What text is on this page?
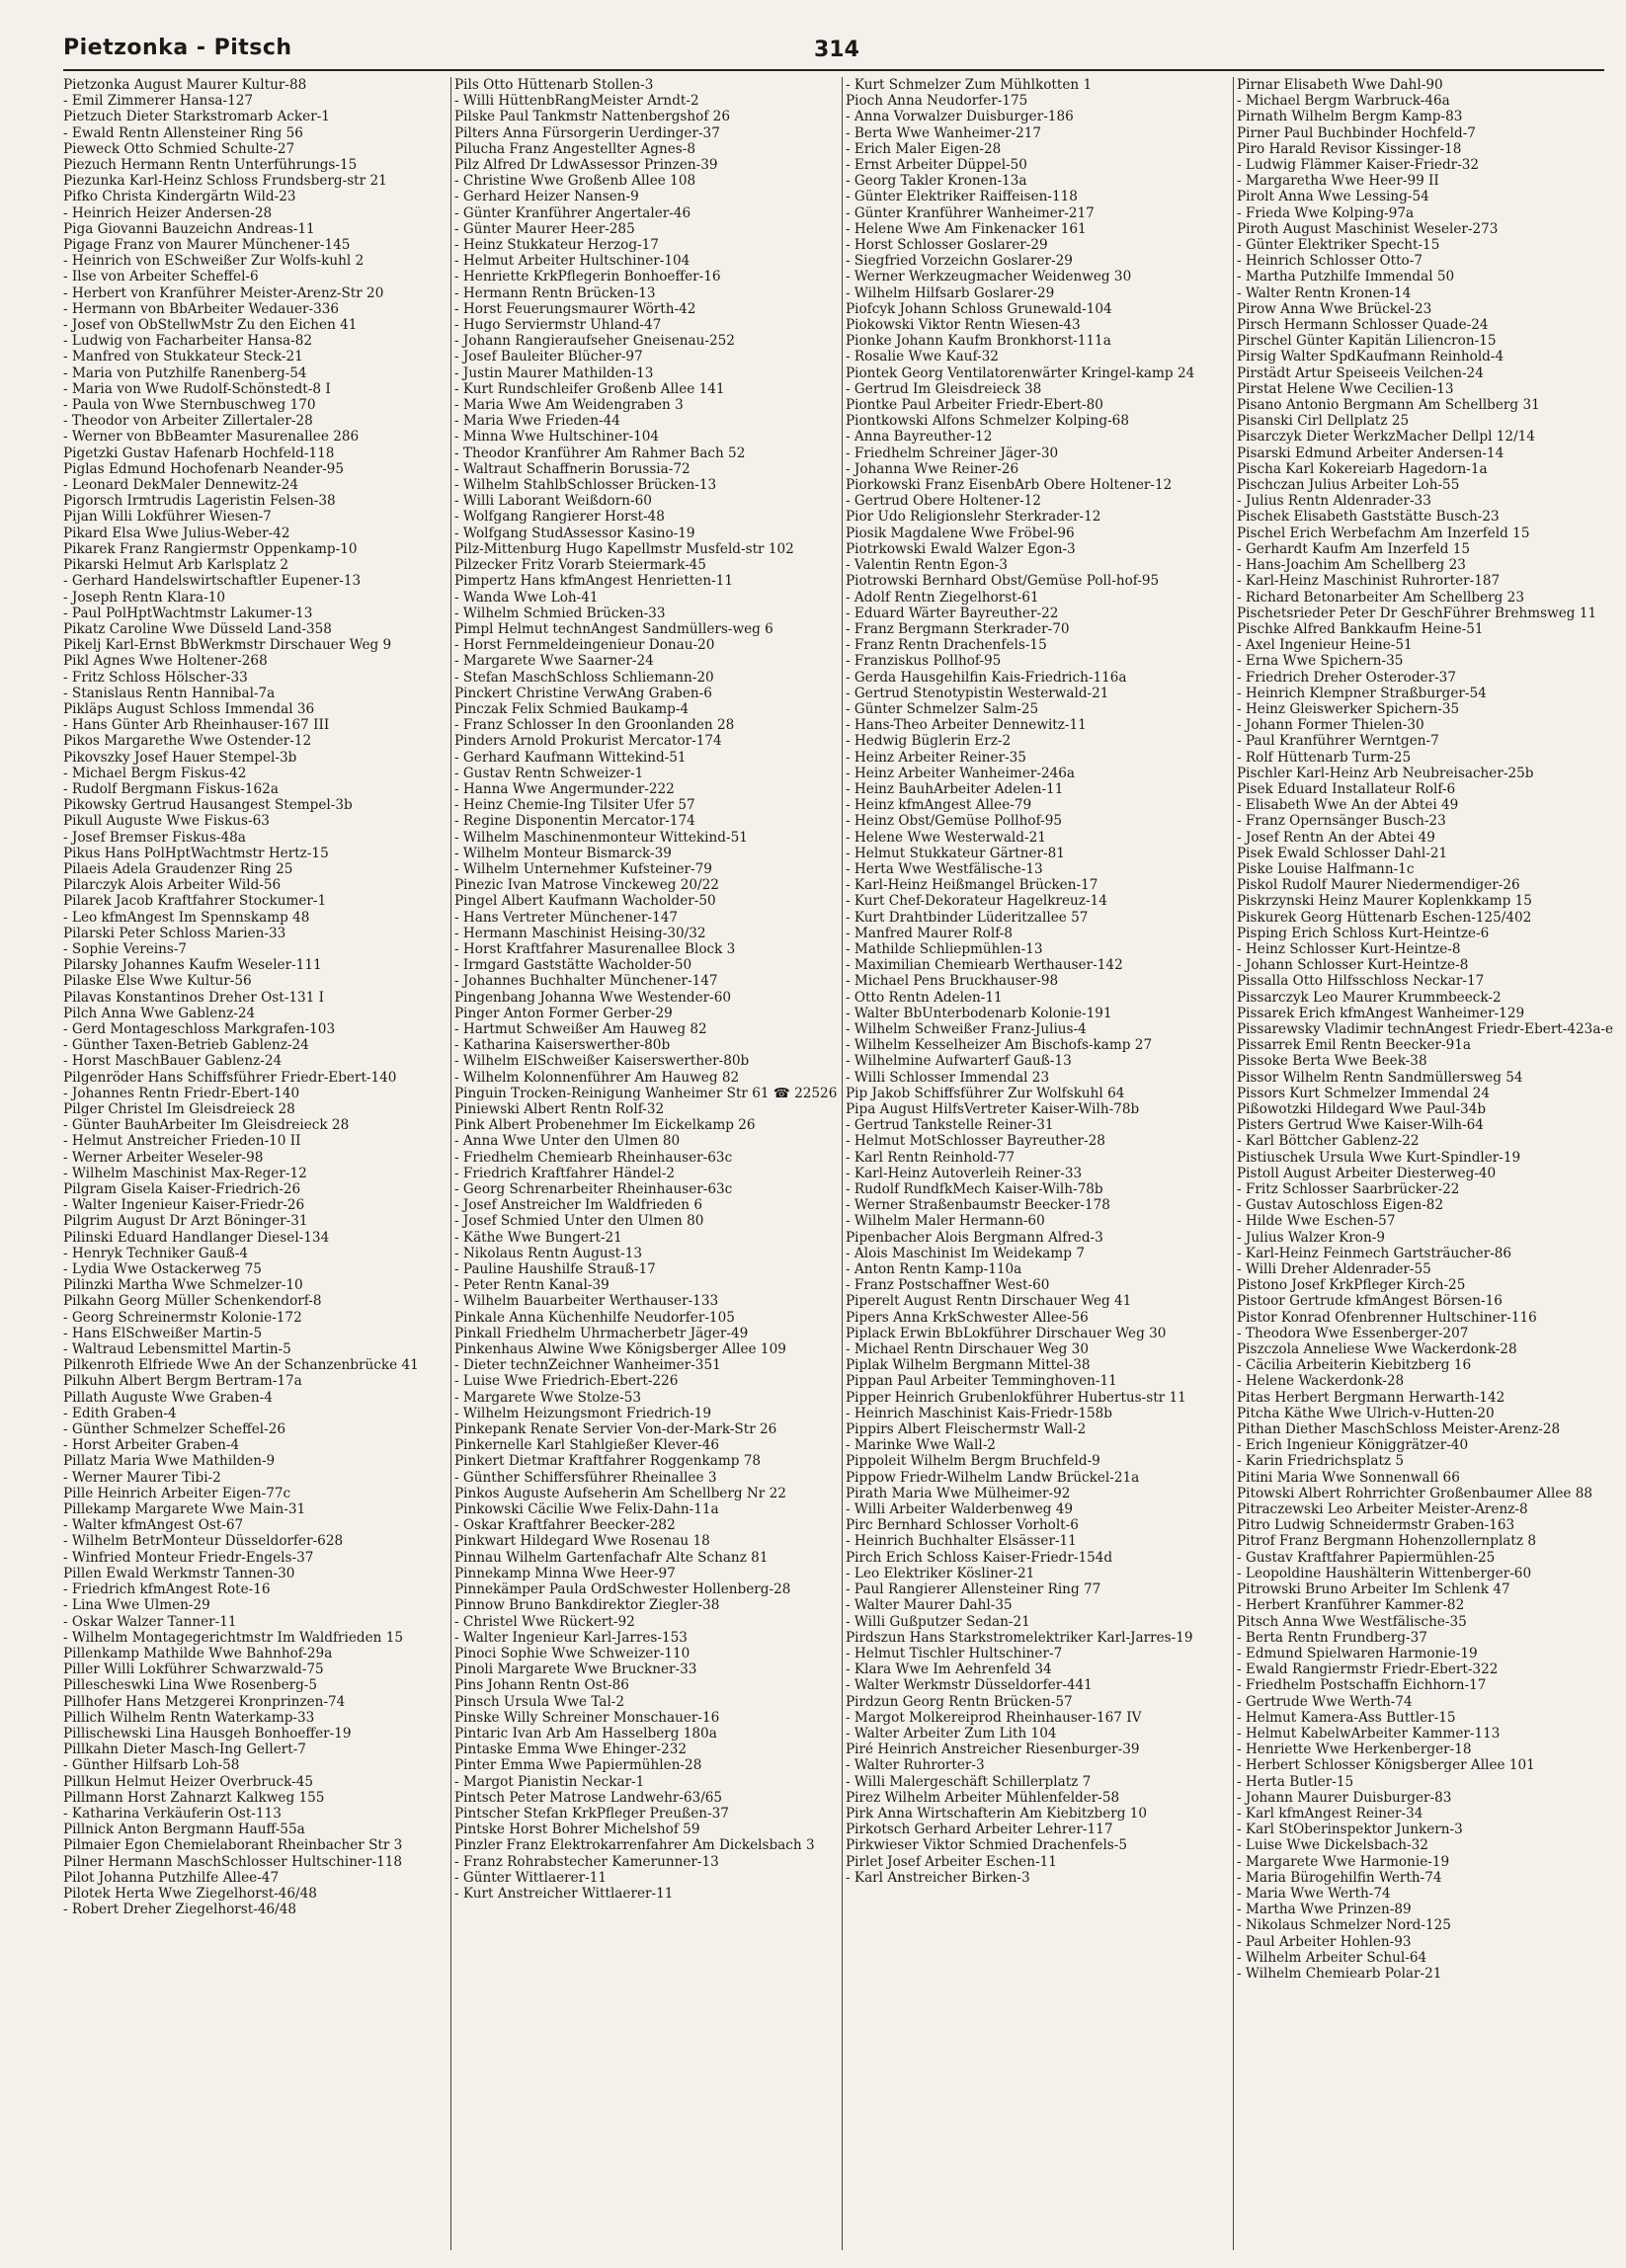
Pietzonka - Pitsch	314

Pietzonka August Maurer Kultur-88

- Emil Zimmerer Hansa-127

Pietzuch Dieter Starkstromarb Acker-1

- Ewald Rentn Allensteiner Ring 56

Pieweck Otto Schmied Schulte-27

Piezuch Hermann Rentn Unterführungs-15

Piezunka Karl-Heinz Schloss Frundsberg-str 21

Pifko Christa Kindergärtn Wild-23

- Heinrich Heizer Andersen-28

Piga Giovanni Bauzeichn Andreas-11

Pigage Franz von Maurer Münchener-145

- Heinrich von ESchweißer Zur Wolfs-kuhl 2

- Ilse von Arbeiter Scheffel-6

- Herbert von Kranführer Meister-Arenz-Str 20

- Hermann von BbArbeiter Wedauer-336

- Josef von ObStellwMstr Zu den Eichen 41

- Ludwig von Facharbeiter Hansa-82

- Manfred von Stukkateur Steck-21

- Maria von Putzhilfe Ranenberg-54

- Maria von Wwe Rudolf-Schönstedt-8 I

- Paula von Wwe Sternbuschweg 170

- Theodor von Arbeiter Zillertaler-28

- Werner von BbBeamter Masurenallee 286

Pigetzki Gustav Hafenarb Hochfeld-118

Piglas Edmund Hochofenarb Neander-95

- Leonard DekMaler Dennewitz-24

Pigorsch Irmtrudis Lageristin Felsen-38

Pijan Willi Lokführer Wiesen-7

Pikard Elsa Wwe Julius-Weber-42

Pikarek Franz Rangiermstr Oppenkamp-10

Pikarski Helmut Arb Karlsplatz 2

- Gerhard Handelswirtschaftler Eupener-13

- Joseph Rentn Klara-10

- Paul PolHptWachtmstr Lakumer-13

Pikatz Caroline Wwe Düsseld Land-358

Pikelj Karl-Ernst BbWerkmstr Dirschauer Weg 9

Pikl Agnes Wwe Holtener-268

- Fritz Schloss Hölscher-33

- Stanislaus Rentn Hannibal-7a

Pikläps August Schloss Immendal 36

- Hans Günter Arb Rheinhauser-167 III

Pikos Margarethe Wwe Ostender-12

Pikovszky Josef Hauer Stempel-3b

- Michael Bergm Fiskus-42

- Rudolf Bergmann Fiskus-162a

Pikowsky Gertrud Hausangest Stempel-3b

Pikull Auguste Wwe Fiskus-63

- Josef Bremser Fiskus-48a

Pikus Hans PolHptWachtmstr Hertz-15

Pilaeis Adela Graudenzer Ring 25

Pilarczyk Alois Arbeiter Wild-56

Pilarek Jacob Kraftfahrer Stockumer-1

- Leo kfmAngest Im Spennskamp 48

Pilarski Peter Schloss Marien-33

- Sophie Vereins-7

Pilarsky Johannes Kaufm Weseler-111

Pilaske Else Wwe Kultur-56

Pilavas Konstantinos Dreher Ost-131 I

Pilch Anna Wwe Gablenz-24

- Gerd Montageschloss Markgrafen-103

- Günther Taxen-Betrieb Gablenz-24

- Horst MaschBauer Gablenz-24

Pilgenröder Hans Schiffsführer Friedr-Ebert-140

- Johannes Rentn Friedr-Ebert-140

Pilger Christel Im Gleisdreieck 28

- Günter BauhArbeiter Im Gleisdreieck 28

- Helmut Anstreicher Frieden-10 II

- Werner Arbeiter Weseler-98

- Wilhelm Maschinist Max-Reger-12

Pilgram Gisela Kaiser-Friedrich-26

- Walter Ingenieur Kaiser-Friedr-26

Pilgrim August Dr Arzt Böninger-31

Pilinski Eduard Handlanger Diesel-134

- Henryk Techniker Gauß-4

- Lydia Wwe Ostackerweg 75

Pilinzki Martha Wwe Schmelzer-10

Pilkahn Georg Müller Schenkendorf-8

- Georg Schreinermstr Kolonie-172

- Hans ElSchweißer Martin-5

- Waltraud Lebensmittel Martin-5

Pilkenroth Elfriede Wwe An der Schanzenbrücke 41

Pilkuhn Albert Bergm Bertram-17a

Pillath Auguste Wwe Graben-4

- Edith Graben-4

- Günther Schmelzer Scheffel-26

- Horst Arbeiter Graben-4

Pillatz Maria Wwe Mathilden-9

- Werner Maurer Tibi-2

Pille Heinrich Arbeiter Eigen-77c

Pillekamp Margarete Wwe Main-31

- Walter kfmAngest Ost-67

- Wilhelm BetrMonteur Düsseldorfer-628

- Winfried Monteur Friedr-Engels-37

Pillen Ewald Werkmstr Tannen-30

- Friedrich kfmAngest Rote-16

- Lina Wwe Ulmen-29

- Oskar Walzer Tanner-11

- Wilhelm Montagegerichtmstr Im Waldfrieden 15

Pillenkamp Mathilde Wwe Bahnhof-29a

Piller Willi Lokführer Schwarzwald-75

Pillescheswki Lina Wwe Rosenberg-5

Pillhofer Hans Metzgerei Kronprinzen-74

Pillich Wilhelm Rentn Waterkamp-33

Pillischewski Lina Hausgeh Bonhoeffer-19

Pillkahn Dieter Masch-Ing Gellert-7

- Günther Hilfsarb Loh-58

Pillkun Helmut Heizer Overbruck-45

Pillmann Horst Zahnarzt Kalkweg 155

- Katharina Verkäuferin Ost-113

Pillnick Anton Bergmann Hauff-55a

Pilmaier Egon Chemielaborant Rheinbacher Str 3

Pilner Hermann MaschSchlosser Hultschiner-118

Pilot Johanna Putzhilfe Allee-47

Pilotek Herta Wwe Ziegelhorst-46/48

- Robert Dreher Ziegelhorst-46/48

Pils Otto Hüttenarb Stollen-3

- Willi HüttenbRangMeister Arndt-2

Pilske Paul Tankmstr Nattenbergshof 26

Pilters Anna Fürsorgerin Uerdinger-37

Pilucha Franz Angestellter Agnes-8

Pilz Alfred Dr LdwAssessor Prinzen-39

- Christine Wwe Großenb Allee 108

- Gerhard Heizer Nansen-9

- Günter Kranführer Angertaler-46

- Günter Maurer Heer-285

- Heinz Stukkateur Herzog-17

- Helmut Arbeiter Hultschiner-104

- Henriette KrkPflegerin Bonhoeffer-16

- Hermann Rentn Brücken-13

- Horst Feuerungsmaurer Wörth-42

- Hugo Serviermstr Uhland-47

- Johann Rangieraufseher Gneisenau-252

- Josef Bauleiter Blücher-97

- Justin Maurer Mathilden-13

- Kurt Rundschleifer Großenb Allee 141

- Maria Wwe Am Weidengraben 3

- Maria Wwe Frieden-44

- Minna Wwe Hultschiner-104

- Theodor Kranführer Am Rahmer Bach 52

- Waltraut Schaffnerin Borussia-72

- Wilhelm StahlbSchlosser Brücken-13

- Willi Laborant Weißdorn-60

- Wolfgang Rangierer Horst-48

- Wolfgang StudAssessor Kasino-19

Pilz-Mittenburg Hugo Kapellmstr Musfeld-str 102

Pilzecker Fritz Vorarb Steiermark-45

Pimpertz Hans kfmAngest Henrietten-11

- Wanda Wwe Loh-41

- Wilhelm Schmied Brücken-33

Pimpl Helmut technAngest Sandmüllers-weg 6

- Horst Fernmeldeingenieur Donau-20

- Margarete Wwe Saarner-24

- Stefan MaschSchloss Schliemann-20

Pinckert Christine VerwAng Graben-6

Pinczak Felix Schmied Baukamp-4

- Franz Schlosser In den Groonlanden 28

Pinders Arnold Prokurist Mercator-174

- Gerhard Kaufmann Wittekind-51

- Gustav Rentn Schweizer-1

- Hanna Wwe Angermunder-222

- Heinz Chemie-Ing Tilsiter Ufer 57

- Regine Disponentin Mercator-174

- Wilhelm Maschinenmonteur Wittekind-51

- Wilhelm Monteur Bismarck-39

- Wilhelm Unternehmer Kufsteiner-79

Pinezic Ivan Matrose Vinckeweg 20/22

Pingel Albert Kaufmann Wacholder-50

- Hans Vertreter Münchener-147

- Hermann Maschinist Heising-30/32

- Horst Kraftfahrer Masurenallee Block 3

- Irmgard Gaststätte Wacholder-50

- Johannes Buchhalter Münchener-147

Pingenbang Johanna Wwe Westender-60

Pinger Anton Former Gerber-29

- Hartmut Schweißer Am Hauweg 82

- Katharina Kaiserswerther-80b

- Wilhelm ElSchweißer Kaiserswerther-80b

- Wilhelm Kolonnenführer Am Hauweg 82

Pinguin Trocken-Reinigung Wanheimer Str 61 ☎ 22526

Piniewski Albert Rentn Rolf-32

Pink Albert Probenehmer Im Eickelkamp 26

- Anna Wwe Unter den Ulmen 80

- Friedhelm Chemiearb Rheinhauser-63c

- Friedrich Kraftfahrer Händel-2

- Georg Schrenarbeiter Rheinhauser-63c

- Josef Anstreicher Im Waldfrieden 6

- Josef Schmied Unter den Ulmen 80

- Käthe Wwe Bungert-21

- Nikolaus Rentn August-13

- Pauline Haushilfe Strauß-17

- Peter Rentn Kanal-39

- Wilhelm Bauarbeiter Werthauser-133

Pinkale Anna Küchenhilfe Neudorfer-105

Pinkall Friedhelm Uhrmacherbetr Jäger-49

Pinkenhaus Alwine Wwe Königsberger Allee 109

- Dieter technZeichner Wanheimer-351

- Luise Wwe Friedrich-Ebert-226

- Margarete Wwe Stolze-53

- Wilhelm Heizungsmont Friedrich-19

Pinkepank Renate Servier Von-der-Mark-Str 26

Pinkernelle Karl Stahlgießer Klever-46

Pinkert Dietmar Kraftfahrer Roggenkamp 78

- Günther Schiffersführer Rheinallee 3

Pinkos Auguste Aufseherin Am Schellberg Nr 22

Pinkowski Cäcilie Wwe Felix-Dahn-11a

- Oskar Kraftfahrer Beecker-282

Pinkwart Hildegard Wwe Rosenau 18

Pinnau Wilhelm Gartenfachafr Alte Schanz 81

Pinnekamp Minna Wwe Heer-97

Pinnekämper Paula OrdSchwester Hollenberg-28

Pinnow Bruno Bankdirektor Ziegler-38

- Christel Wwe Rückert-92

- Walter Ingenieur Karl-Jarres-153

Pinoci Sophie Wwe Schweizer-110

Pinoli Margarete Wwe Bruckner-33

Pins Johann Rentn Ost-86

Pinsch Ursula Wwe Tal-2

Pinske Willy Schreiner Monschauer-16

Pintaric Ivan Arb Am Hasselberg 180a

Pintaske Emma Wwe Ehinger-232

Pinter Emma Wwe Papiermühlen-28

- Margot Pianistin Neckar-1

Pintsch Peter Matrose Landwehr-63/65

Pintscher Stefan KrkPfleger Preußen-37

Pintske Horst Bohrer Michelshof 59

Pinzler Franz Elektrokarrenfahrer Am Dickelsbach 3

- Franz Rohrabstecher Kamerunner-13

- Günter Wittlaerer-11

- Kurt Anstreicher Wittlaerer-11

- Kurt Schmelzer Zum Mühlkotten 1

Pioch Anna Neudorfer-175

- Anna Vorwalzer Duisburger-186

- Berta Wwe Wanheimer-217

- Erich Maler Eigen-28

- Ernst Arbeiter Düppel-50

- Georg Takler Kronen-13a

- Günter Elektriker Raiffeisen-118

- Günter Kranführer Wanheimer-217

- Helene Wwe Am Finkenacker 161

- Horst Schlosser Goslarer-29

- Siegfried Vorzeichn Goslarer-29

- Werner Werkzeugmacher Weidenweg 30

- Wilhelm Hilfsarb Goslarer-29

Piofcyk Johann Schloss Grunewald-104

Piokowski Viktor Rentn Wiesen-43

Pionke Johann Kaufm Bronkhorst-111a

- Rosalie Wwe Kauf-32

Piontek Georg Ventilatorenwärter Kringel-kamp 24

- Gertrud Im Gleisdreieck 38

Piontke Paul Arbeiter Friedr-Ebert-80

Piontkowski Alfons Schmelzer Kolping-68

- Anna Bayreuther-12

- Friedhelm Schreiner Jäger-30

- Johanna Wwe Reiner-26

Piorkowski Franz EisenbArb Obere Holtener-12

- Gertrud Obere Holtener-12

Pior Udo Religionslehr Sterkrader-12

Piosik Magdalene Wwe Fröbel-96

Piotrkowski Ewald Walzer Egon-3

- Valentin Rentn Egon-3

Piotrowski Bernhard Obst/Gemüse Poll-hof-95

- Adolf Rentn Ziegelhorst-61

- Eduard Wärter Bayreuther-22

- Franz Bergmann Sterkrader-70

- Franz Rentn Drachenfels-15

- Franziskus Pollhof-95

- Gerda Hausgehilfin Kais-Friedrich-116a

- Gertrud Stenotypistin Westerwald-21

- Günter Schmelzer Salm-25

- Hans-Theo Arbeiter Dennewitz-11

- Hedwig Büglerin Erz-2

- Heinz Arbeiter Reiner-35

- Heinz Arbeiter Wanheimer-246a

- Heinz BauhArbeiter Adelen-11

- Heinz kfmAngest Allee-79

- Heinz Obst/Gemüse Pollhof-95

- Helene Wwe Westerwald-21

- Helmut Stukkateur Gärtner-81

- Herta Wwe Westfälische-13

- Karl-Heinz Heißmangel Brücken-17

- Kurt Chef-Dekorateur Hagelkreuz-14

- Kurt Drahtbinder Lüderitzallee 57

- Manfred Maurer Rolf-8

- Mathilde Schliepmühlen-13

- Maximilian Chemiearb Werthauser-142

- Michael Pens Bruckhauser-98

- Otto Rentn Adelen-11

- Walter BbUnterbodenarb Kolonie-191

- Wilhelm Schweißer Franz-Julius-4

- Wilhelm Kesselheizer Am Bischofs-kamp 27

- Wilhelmine Aufwarterf Gauß-13

- Willi Schlosser Immendal 23

Pip Jakob Schiffsführer Zur Wolfskuhl 64

Pipa August HilfsVertreter Kaiser-Wilh-78b

- Gertrud Tankstelle Reiner-31

- Helmut MotSchlosser Bayreuther-28

- Karl Rentn Reinhold-77

- Karl-Heinz Autoverleih Reiner-33

- Rudolf RundfkMech Kaiser-Wilh-78b

- Werner Straßenbaumstr Beecker-178

- Wilhelm Maler Hermann-60

Pipenbacher Alois Bergmann Alfred-3

- Alois Maschinist Im Weidekamp 7

- Anton Rentn Kamp-110a

- Franz Postschaffner West-60

Piperelt August Rentn Dirschauer Weg 41

Pipers Anna KrkSchwester Allee-56

Piplack Erwin BbLokführer Dirschauer Weg 30

- Michael Rentn Dirschauer Weg 30

Piplak Wilhelm Bergmann Mittel-38

Pippan Paul Arbeiter Temminghoven-11

Pipper Heinrich Grubenlokführer Hubertus-str 11

- Heinrich Maschinist Kais-Friedr-158b

Pippirs Albert Fleischermstr Wall-2

- Marinke Wwe Wall-2

Pippoleit Wilhelm Bergm Bruchfeld-9

Pippow Friedr-Wilhelm Landw Brückel-21a

Pirath Maria Wwe Mülheimer-92

- Willi Arbeiter Walderbenweg 49

Pirc Bernhard Schlosser Vorholt-6

- Heinrich Buchhalter Elsässer-11

Pirch Erich Schloss Kaiser-Friedr-154d

- Leo Elektriker Kösliner-21

- Paul Rangierer Allensteiner Ring 77

- Walter Maurer Dahl-35

- Willi Gußputzer Sedan-21

Pirdszun Hans Starkstromelektriker Karl-Jarres-19

- Helmut Tischler Hultschiner-7

- Klara Wwe Im Aehrenfeld 34

- Walter Werkmstr Düsseldorfer-441

Pirdzun Georg Rentn Brücken-57

- Margot Molkereiprod Rheinhauser-167 IV

- Walter Arbeiter Zum Lith 104

Piré Heinrich Anstreicher Riesenburger-39

- Walter Ruhrorter-3

- Willi Malergeschäft Schillerplatz 7

Pirez Wilhelm Arbeiter Mühlenfelder-58

Pirk Anna Wirtschafterin Am Kiebitzberg 10

Pirkotsch Gerhard Arbeiter Lehrer-117

Pirkwieser Viktor Schmied Drachenfels-5

Pirlet Josef Arbeiter Eschen-11

- Karl Anstreicher Birken-3

Pirnar Elisabeth Wwe Dahl-90

- Michael Bergm Warbruck-46a

Pirnath Wilhelm Bergm Kamp-83

Pirner Paul Buchbinder Hochfeld-7

Piro Harald Revisor Kissinger-18

- Ludwig Flämmer Kaiser-Friedr-32

- Margaretha Wwe Heer-99 II

Pirolt Anna Wwe Lessing-54

- Frieda Wwe Kolping-97a

Piroth August Maschinist Weseler-273

- Günter Elektriker Specht-15

- Heinrich Schlosser Otto-7

- Martha Putzhilfe Immendal 50

- Walter Rentn Kronen-14

Pirow Anna Wwe Brückel-23

Pirsch Hermann Schlosser Quade-24

Pirschel Günter Kapitän Liliencron-15

Pirsig Walter SpdKaufmann Reinhold-4

Pirstädt Artur Speiseeis Veilchen-24

Pirstat Helene Wwe Cecilien-13

Pisano Antonio Bergmann Am Schellberg 31

Pisanski Cirl Dellplatz 25

Pisarczyk Dieter WerkzMacher Dellpl 12/14

Pisarski Edmund Arbeiter Andersen-14

Pischa Karl Kokereiarb Hagedorn-1a

Pischczan Julius Arbeiter Loh-55

- Julius Rentn Aldenrader-33

Pischek Elisabeth Gaststätte Busch-23

Pischel Erich Werbefachm Am Inzerfeld 15

- Gerhardt Kaufm Am Inzerfeld 15

- Hans-Joachim Am Schellberg 23

- Karl-Heinz Maschinist Ruhrorter-187

- Richard Betonarbeiter Am Schellberg 23

Pischetsrieder Peter Dr GeschFührer Brehmsweg 11

Pischke Alfred Bankkaufm Heine-51

- Axel Ingenieur Heine-51

- Erna Wwe Spichern-35

- Friedrich Dreher Osteroder-37

- Heinrich Klempner Straßburger-54

- Heinz Gleiswerker Spichern-35

- Johann Former Thielen-30

- Paul Kranführer Werntgen-7

- Rolf Hüttenarb Turm-25

Pischler Karl-Heinz Arb Neubreisacher-25b

Pisek Eduard Installateur Rolf-6

- Elisabeth Wwe An der Abtei 49

- Franz Opernsänger Busch-23

- Josef Rentn An der Abtei 49

Pisek Ewald Schlosser Dahl-21

Piske Louise Halfmann-1c

Piskol Rudolf Maurer Niedermendiger-26

Piskrzynski Heinz Maurer Koplenkkamp 15

Piskurek Georg Hüttenarb Eschen-125/402

Pisping Erich Schloss Kurt-Heintze-6

- Heinz Schlosser Kurt-Heintze-8

- Johann Schlosser Kurt-Heintze-8

Pissalla Otto Hilfsschloss Neckar-17

Pissarczyk Leo Maurer Krummbeeck-2

Pissarek Erich kfmAngest Wanheimer-129

Pissarewsky Vladimir technAngest Friedr-Ebert-423a-e

Pissarrek Emil Rentn Beecker-91a

Pissoke Berta Wwe Beek-38

Pissor Wilhelm Rentn Sandmüllersweg 54

Pissors Kurt Schmelzer Immendal 24

Pißowotzki Hildegard Wwe Paul-34b

Pisters Gertrud Wwe Kaiser-Wilh-64

- Karl Böttcher Gablenz-22

Pistiuschek Ursula Wwe Kurt-Spindler-19

Pistoll August Arbeiter Diesterweg-40

- Fritz Schlosser Saarbrücker-22

- Gustav Autoschloss Eigen-82

- Hilde Wwe Eschen-57

- Julius Walzer Kron-9

- Karl-Heinz Feinmech Gartsträucher-86

- Willi Dreher Aldenrader-55

Pistono Josef KrkPfleger Kirch-25

Pistoor Gertrude kfmAngest Börsen-16

Pistor Konrad Ofenbrenner Hultschiner-116

- Theodora Wwe Essenberger-207

Piszczola Anneliese Wwe Wackerdonk-28

- Cäcilia Arbeiterin Kiebitzberg 16

- Helene Wackerdonk-28

Pitas Herbert Bergmann Herwarth-142

Pitcha Käthe Wwe Ulrich-v-Hutten-20

Pithan Diether MaschSchloss Meister-Arenz-28

- Erich Ingenieur Königgrätzer-40

- Karin Friedrichsplatz 5

Pitini Maria Wwe Sonnenwall 66

Pitowski Albert Rohrrichter Großenbaumer Allee 88

Pitraczewski Leo Arbeiter Meister-Arenz-8

Pitro Ludwig Schneidermstr Graben-163

Pitrof Franz Bergmann Hohenzollernplatz 8

- Gustav Kraftfahrer Papiermühlen-25

- Leopoldine Haushälterin Wittenberger-60

Pitrowski Bruno Arbeiter Im Schlenk 47

- Herbert Kranführer Kammer-82

Pitsch Anna Wwe Westfälische-35

- Berta Rentn Frundberg-37

- Edmund Spielwaren Harmonie-19

- Ewald Rangiermstr Friedr-Ebert-322

- Friedhelm Postschaffn Eichhorn-17

- Gertrude Wwe Werth-74

- Helmut Kamera-Ass Buttler-15

- Helmut KabelwArbeiter Kammer-113

- Henriette Wwe Herkenberger-18

- Herbert Schlosser Königsberger Allee 101

- Herta Butler-15

- Johann Maurer Duisburger-83

- Karl kfmAngest Reiner-34

- Karl StOberinspektor Junkern-3

- Luise Wwe Dickelsbach-32

- Margarete Wwe Harmonie-19

- Maria Bürogehilfin Werth-74

- Maria Wwe Werth-74

- Martha Wwe Prinzen-89

- Nikolaus Schmelzer Nord-125

- Paul Arbeiter Hohlen-93

- Wilhelm Arbeiter Schul-64

- Wilhelm Chemiearb Polar-21
